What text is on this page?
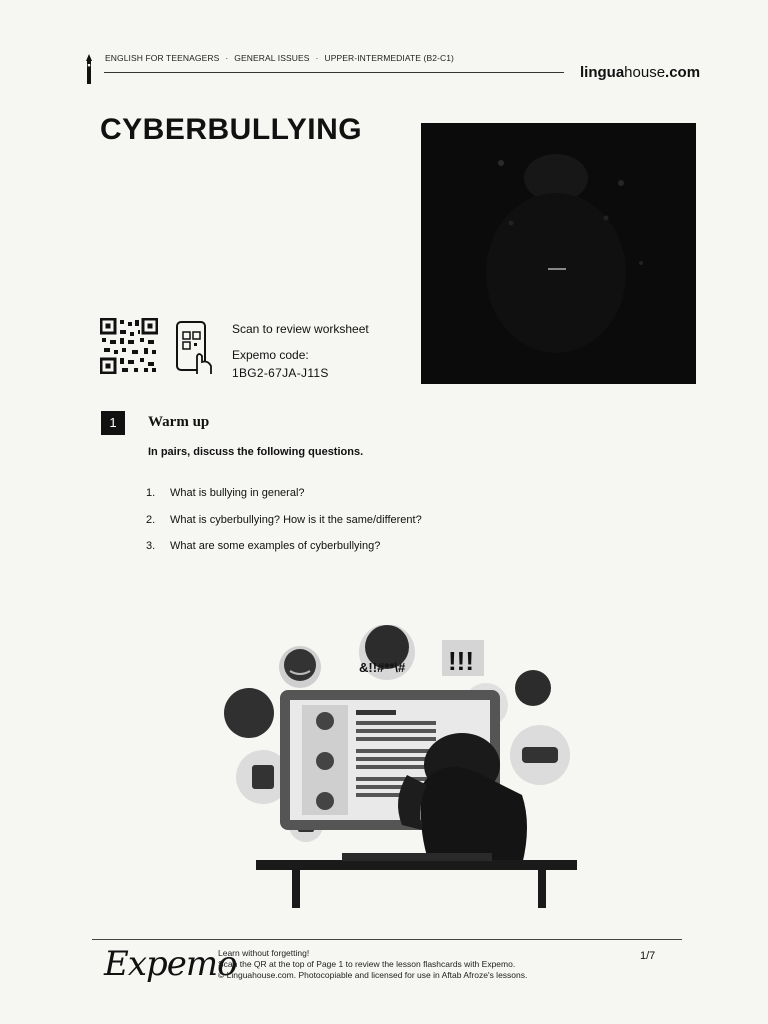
ENGLISH FOR TEENAGERS · GENERAL ISSUES · UPPER-INTERMEDIATE (B2-C1)
linguahouse.com
CYBERBULLYING
Scan to review worksheet
Expemo code:
1BG2-67JA-J11S
1	Warm up
In pairs, discuss the following questions.
1. What is bullying in general?
2. What is cyberbullying? How is it the same/different?
3. What are some examples of cyberbullying?
&!!#**\# !!!
Expemo
Learn without forgetting!
Scan the QR at the top of Page 1 to review the lesson flashcards with Expemo.
© Linguahouse.com. Photocopiable and licensed for use in Aftab Afroze's lessons.
1/7
